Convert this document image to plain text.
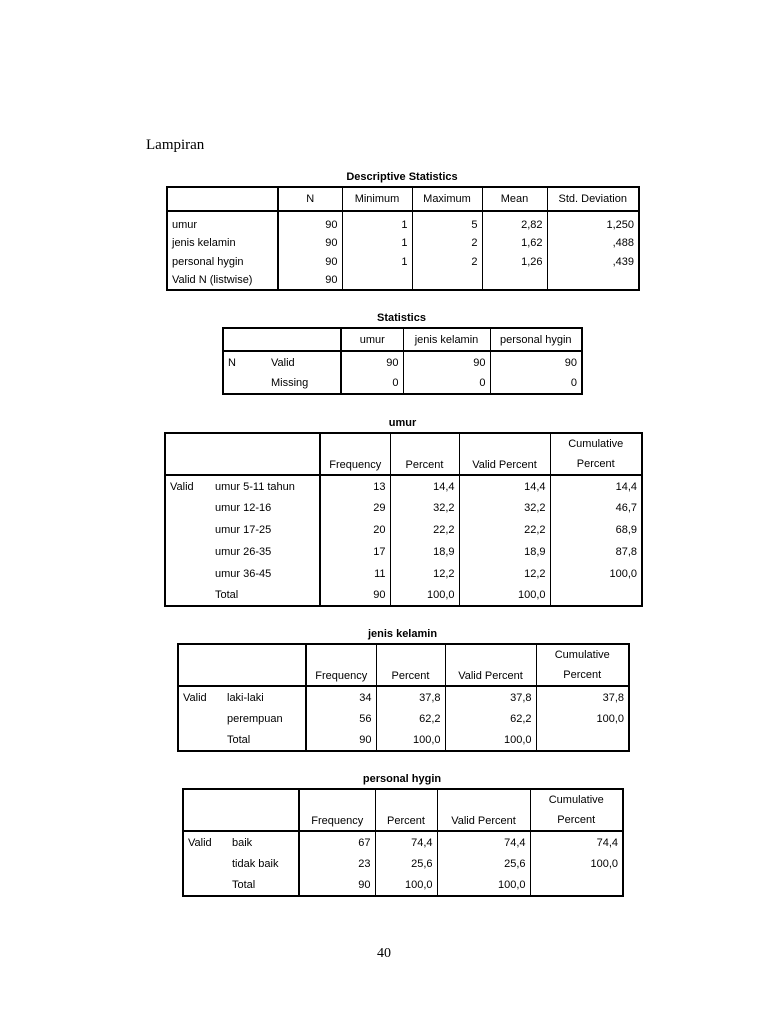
Lampiran
Descriptive Statistics
	N	Minimum	Maximum	Mean	Std. Deviation
umur	90	1	5	2,82	1,250
jenis kelamin	90	1	2	1,62	,488
personal hygin	90	1	2	1,26	,439
Valid N (listwise)	90				
Statistics
		umur	jenis kelamin	personal hygin
N	Valid	90	90	90
	Missing	0	0	0
umur
		Frequency	Percent	Valid Percent	Cumulative
Percent

Valid	umur 5-11 tahun	13	14,4	14,4	14,4
	umur 12-16	29	32,2	32,2	46,7
	umur 17-25	20	22,2	22,2	68,9
	umur 26-35	17	18,9	18,9	87,8
	umur 36-45	11	12,2	12,2	100,0
	Total	90	100,0	100,0	
jenis kelamin
		Frequency	Percent	Valid Percent	Cumulative
Percent

Valid	laki-laki	34	37,8	37,8	37,8
	perempuan	56	62,2	62,2	100,0
	Total	90	100,0	100,0	
personal hygin
		Frequency	Percent	Valid Percent	Cumulative
Percent

Valid	baik	67	74,4	74,4	74,4
	tidak baik	23	25,6	25,6	100,0
	Total	90	100,0	100,0	
40
